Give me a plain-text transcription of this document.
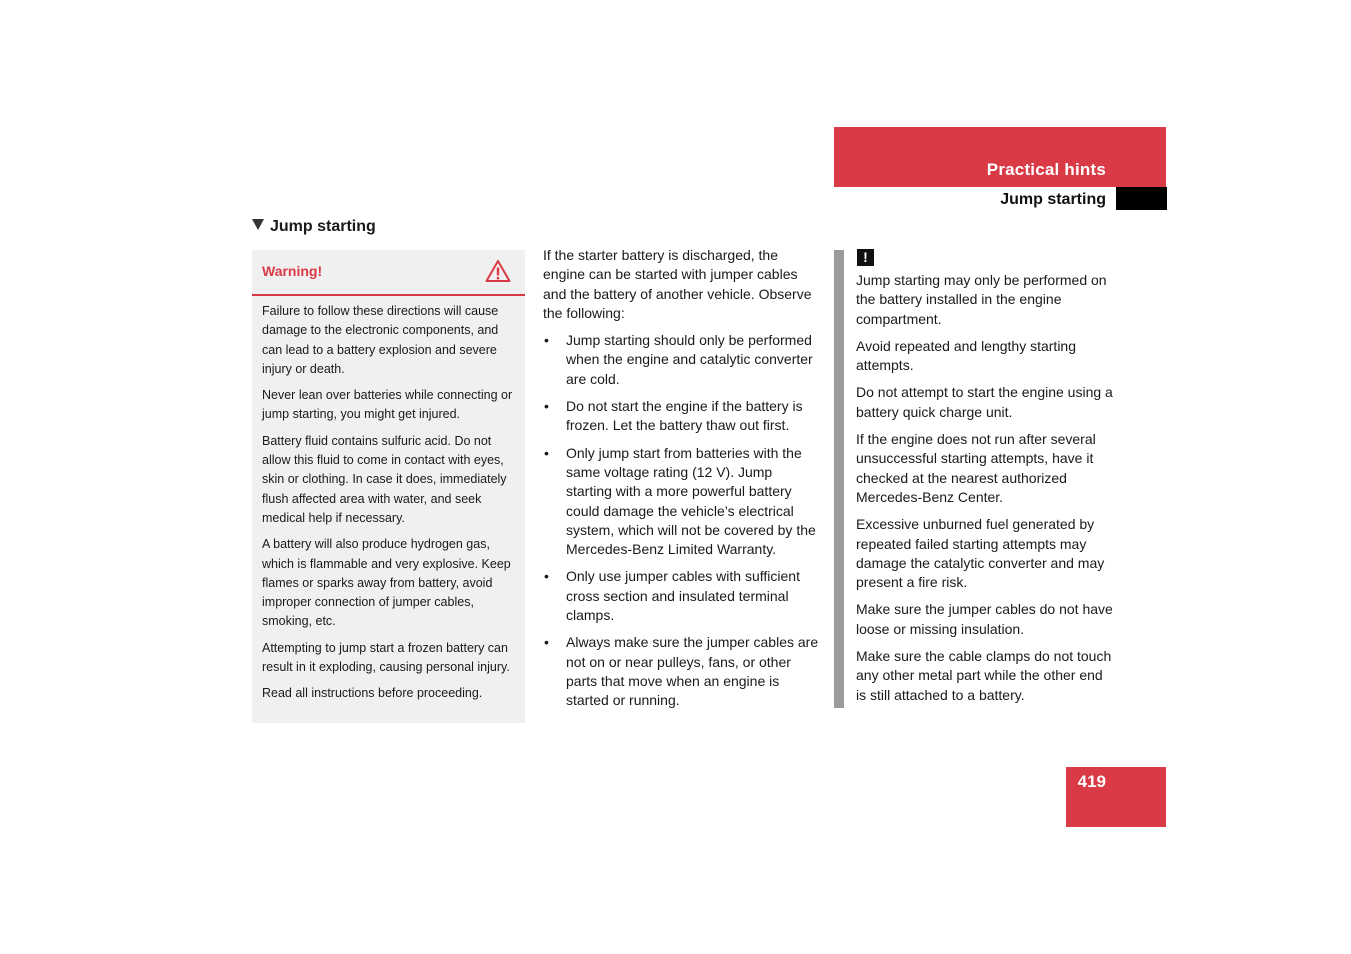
Practical hints
Jump starting
Jump starting
Warning!

Failure to follow these directions will cause damage to the electronic components, and can lead to a battery explosion and severe injury or death.

Never lean over batteries while connecting or jump starting, you might get injured.

Battery fluid contains sulfuric acid. Do not allow this fluid to come in contact with eyes, skin or clothing. In case it does, immediately flush affected area with water, and seek medical help if necessary.

A battery will also produce hydrogen gas, which is flammable and very explosive. Keep flames or sparks away from battery, avoid improper connection of jumper cables, smoking, etc.

Attempting to jump start a frozen battery can result in it exploding, causing personal injury.

Read all instructions before proceeding.

If the starter battery is discharged, the engine can be started with jumper cables and the battery of another vehicle. Observe the following:

• Jump starting should only be performed when the engine and catalytic converter are cold.
• Do not start the engine if the battery is frozen. Let the battery thaw out first.
• Only jump start from batteries with the same voltage rating (12 V). Jump starting with a more powerful battery could damage the vehicle’s electrical system, which will not be covered by the Mercedes-Benz Limited Warranty.
• Only use jumper cables with sufficient cross section and insulated terminal clamps.
• Always make sure the jumper cables are not on or near pulleys, fans, or other parts that move when an engine is started or running.
!

Jump starting may only be performed on the battery installed in the engine compartment.

Avoid repeated and lengthy starting attempts.

Do not attempt to start the engine using a battery quick charge unit.

If the engine does not run after several unsuccessful starting attempts, have it checked at the nearest authorized Mercedes-Benz Center.

Excessive unburned fuel generated by repeated failed starting attempts may damage the catalytic converter and may present a fire risk.

Make sure the jumper cables do not have loose or missing insulation.

Make sure the cable clamps do not touch any other metal part while the other end is still attached to a battery.

419
